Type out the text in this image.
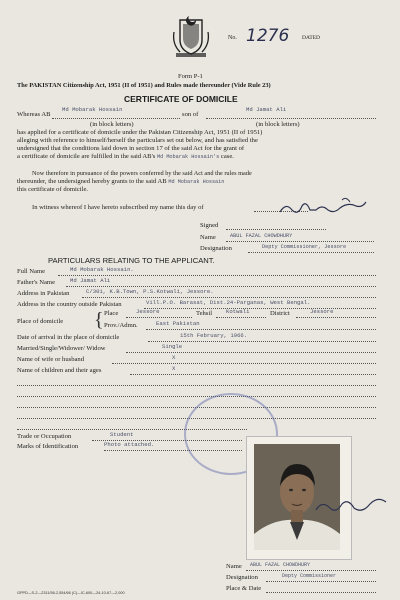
No. 1276 DATED
Form P-1
The PAKISTAN Citizenship Act, 1951 (II of 1951) and Rules made thereunder (Vide Rule 23)
CERTIFICATE OF DOMICILE
Whereas AB
Md Mobarak Hossain
son of
Md Jamat Ali
(in block letters)	(in block letters)
has applied for a certificate of domicile under the Pakistan Citizenship Act, 1951 (II of 1951)
alleging with reference to himself/herself the particulars set out below, and has satisfied the
undersigned that the conditions laid down in section 17 of the said Act for the grant of
a certificate of domicile are fulfilled in the said AB's Md Mobarak Hossain's case.
Now therefore in pursuance of the powers conferred by the said Act and the rules made
thereunder, the undersigned hereby grants to the said AB Md Mobarak Hossain
this certificate of domicile.
In witness whereof I have hereto subscribed my name this day of
Signed
Name	ABUL FAZAL CHOWDHURY
Designation	Depty Commissioner, Jessore
PARTICULARS RELATING TO THE APPLICANT.
Full Name	Md Mobarak Hossain.
Father's Name	Md Jamat Ali
Address in Pakistan	C/301, K.B.Town, P.S.Kotwali, Jessore.
Address in the country outside Pakistan	Vill.P.O. Barasat, Dist.24-Parganas, West Bengal.
Place of domicile { Place	Jessore	Tehsil Kotwali	District	Jessore
Prov./Admn.	East Pakistan
Date of arrival in the place of domicile	15th February, 1966.
Married/Single/Widower/ Widow	Single
Name of wife or husband	X
Name of children and their ages	X
Trade or Occupation	Student
Marks of Identification	Photo attached.
Name ABUL FAZAL CHOWDHURY
Designation	Depty Commissioner
Place & Date
GPPD—S-2—2311/56-2,554/66 (C)—IC-600—24-10-67—2,000
